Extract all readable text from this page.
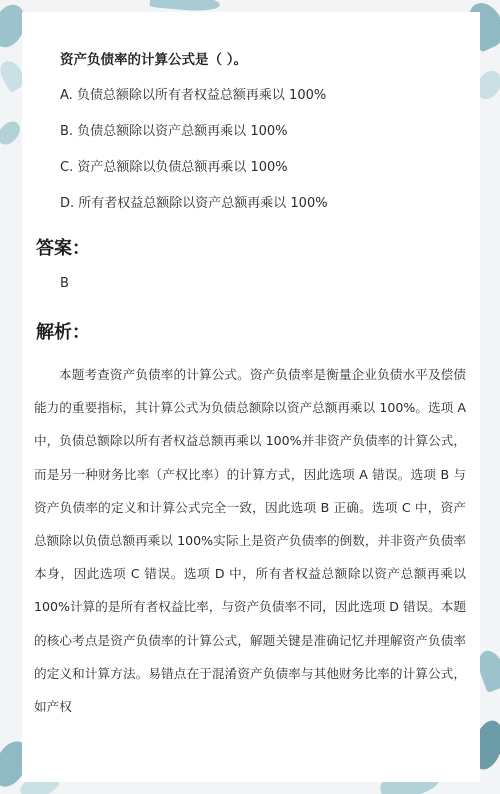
资产负债率的计算公式是（ ）。
A. 负债总额除以所有者权益总额再乘以 100%
B. 负债总额除以资产总额再乘以 100%
C. 资产总额除以负债总额再乘以 100%
D. 所有者权益总额除以资产总额再乘以 100%
答案：
B
解析：
本题考查资产负债率的计算公式。资产负债率是衡量企业负债水平及偿债能力的重要指标，其计算公式为负债总额除以资产总额再乘以 100%。选项 A 中，负债总额除以所有者权益总额再乘以 100%并非资产负债率的计算公式，而是另一种财务比率（产权比率）的计算方式，因此选项 A 错误。选项 B 与资产负债率的定义和计算公式完全一致，因此选项 B 正确。选项 C 中，资产总额除以负债总额再乘以 100%实际上是资产负债率的倒数，并非资产负债率本身，因此选项 C 错误。选项 D 中，所有者权益总额除以资产总额再乘以 100%计算的是所有者权益比率，与资产负债率不同，因此选项 D 错误。本题的核心考点是资产负债率的计算公式，解题关键是准确记忆并理解资产负债率的定义和计算方法。易错点在于混淆资产负债率与其他财务比率的计算公式，如产权
